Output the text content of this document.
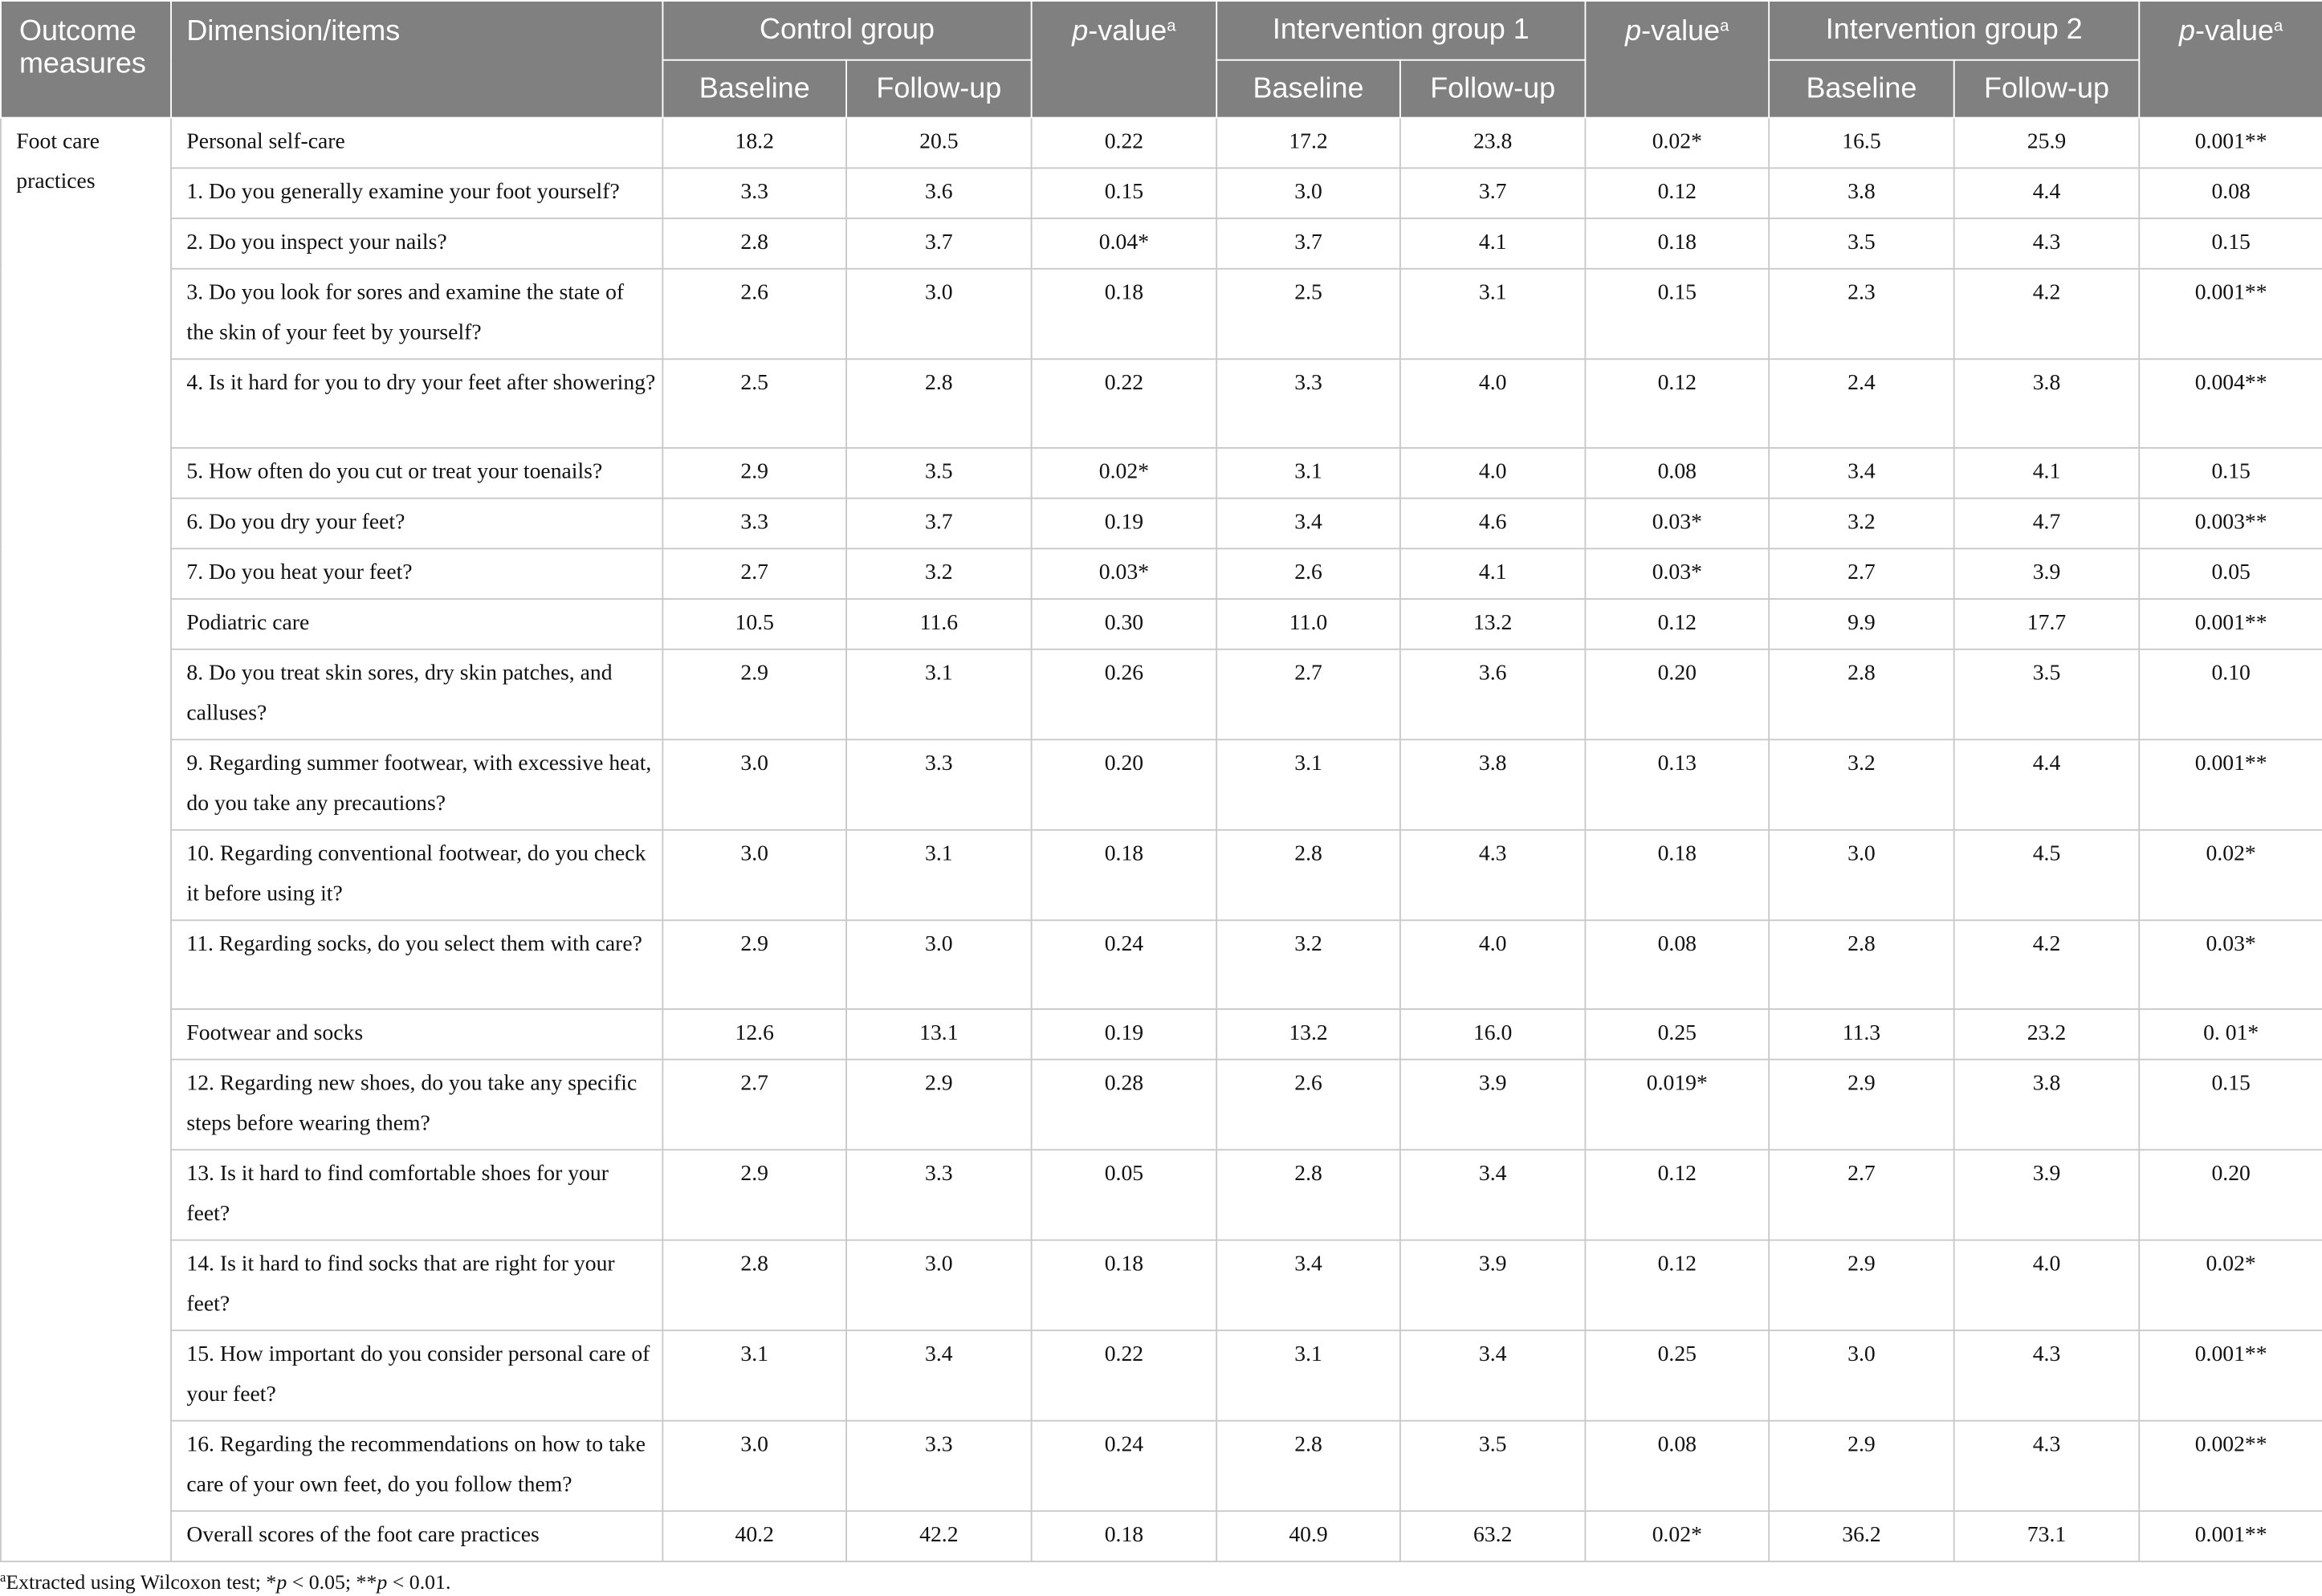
Outcome measures	Dimension/items	Control group		p-value$^a$	Intervention group 1		p-value$^a$	Intervention group 2		p-value$^a$
		Baseline	Follow-up		Baseline	Follow-up		Baseline	Follow-up	
Foot care practices	Personal self-care	18.2	20.5	0.22	17.2	23.8	0.02*	16.5	25.9	0.001**
	1. Do you generally examine your foot yourself?	3.3	3.6	0.15	3.0	3.7	0.12	3.8	4.4	0.08
	2. Do you inspect your nails?	2.8	3.7	0.04*	3.7	4.1	0.18	3.5	4.3	0.15
	3. Do you look for sores and examine the state of the skin of your feet by yourself?	2.6	3.0	0.18	2.5	3.1	0.15	2.3	4.2	0.001**
	4. Is it hard for you to dry your feet after showering?	2.5	2.8	0.22	3.3	4.0	0.12	2.4	3.8	0.004**
	5. How often do you cut or treat your toenails?	2.9	3.5	0.02*	3.1	4.0	0.08	3.4	4.1	0.15
	6. Do you dry your feet?	3.3	3.7	0.19	3.4	4.6	0.03*	3.2	4.7	0.003**
	7. Do you heat your feet?	2.7	3.2	0.03*	2.6	4.1	0.03*	2.7	3.9	0.05
	Podiatric care	10.5	11.6	0.30	11.0	13.2	0.12	9.9	17.7	0.001**
	8. Do you treat skin sores, dry skin patches, and calluses?	2.9	3.1	0.26	2.7	3.6	0.20	2.8	3.5	0.10
	9. Regarding summer footwear, with excessive heat, do you take any precautions?	3.0	3.3	0.20	3.1	3.8	0.13	3.2	4.4	0.001**
	10. Regarding conventional footwear, do you check it before using it?	3.0	3.1	0.18	2.8	4.3	0.18	3.0	4.5	0.02*
	11. Regarding socks, do you select them with care?	2.9	3.0	0.24	3.2	4.0	0.08	2.8	4.2	0.03*
	Footwear and socks	12.6	13.1	0.19	13.2	16.0	0.25	11.3	23.2	0. 01*
	12. Regarding new shoes, do you take any specific steps before wearing them?	2.7	2.9	0.28	2.6	3.9	0.019*	2.9	3.8	0.15
	13. Is it hard to find comfortable shoes for your feet?	2.9	3.3	0.05	2.8	3.4	0.12	2.7	3.9	0.20
	14. Is it hard to find socks that are right for your feet?	2.8	3.0	0.18	3.4	3.9	0.12	2.9	4.0	0.02*
	15. How important do you consider personal care of your feet?	3.1	3.4	0.22	3.1	3.4	0.25	3.0	4.3	0.001**
	16. Regarding the recommendations on how to take care of your own feet, do you follow them?	3.0	3.3	0.24	2.8	3.5	0.08	2.9	4.3	0.002**
	Overall scores of the foot care practices	40.2	42.2	0.18	40.9	63.2	0.02*	36.2	73.1	0.001**
$^a$Extracted using Wilcoxon test; *p < 0.05; **p < 0.01.
